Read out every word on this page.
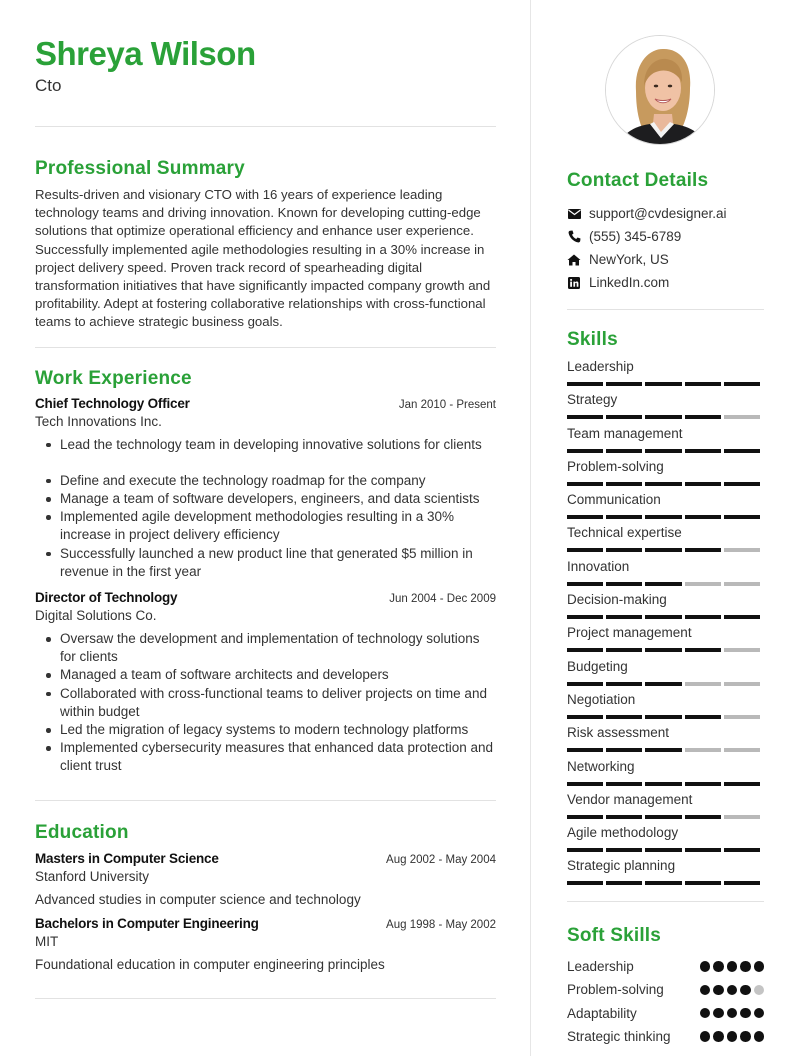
Shreya Wilson
Cto
Professional Summary

Results-driven and visionary CTO with 16 years of experience leading technology teams and driving innovation. Known for developing cutting-edge solutions that optimize operational efficiency and enhance user experience. Successfully implemented agile methodologies resulting in a 30% increase in project delivery speed. Proven track record of spearheading digital transformation initiatives that have significantly impacted company growth and profitability. Adept at fostering collaborative relationships with cross-functional teams to achieve strategic business goals.

Work Experience
Chief Technology Officer	Jan 2010 - Present
Tech Innovations Inc.
Lead the technology team in developing innovative solutions for clients
Define and execute the technology roadmap for the company
Manage a team of software developers, engineers, and data scientists
Implemented agile development methodologies resulting in a 30% increase in project delivery efficiency
Successfully launched a new product line that generated $5 million in revenue in the first year
Director of Technology	Jun 2004 - Dec 2009
Digital Solutions Co.
Oversaw the development and implementation of technology solutions for clients
Managed a team of software architects and developers
Collaborated with cross-functional teams to deliver projects on time and within budget
Led the migration of legacy systems to modern technology platforms
Implemented cybersecurity measures that enhanced data protection and client trust
Education
Masters in Computer Science	Aug 2002 - May 2004
Stanford University
Advanced studies in computer science and technology
Bachelors in Computer Engineering	Aug 1998 - May 2002
MIT
Foundational education in computer engineering principles
Contact Details
support@cvdesigner.ai
(555) 345-6789
NewYork, US
LinkedIn.com
Skills
Leadership
Strategy
Team management
Problem-solving
Communication
Technical expertise
Innovation
Decision-making
Project management
Budgeting
Negotiation
Risk assessment
Networking
Vendor management
Agile methodology
Strategic planning
Soft Skills
Leadership
Problem-solving
Adaptability
Strategic thinking
